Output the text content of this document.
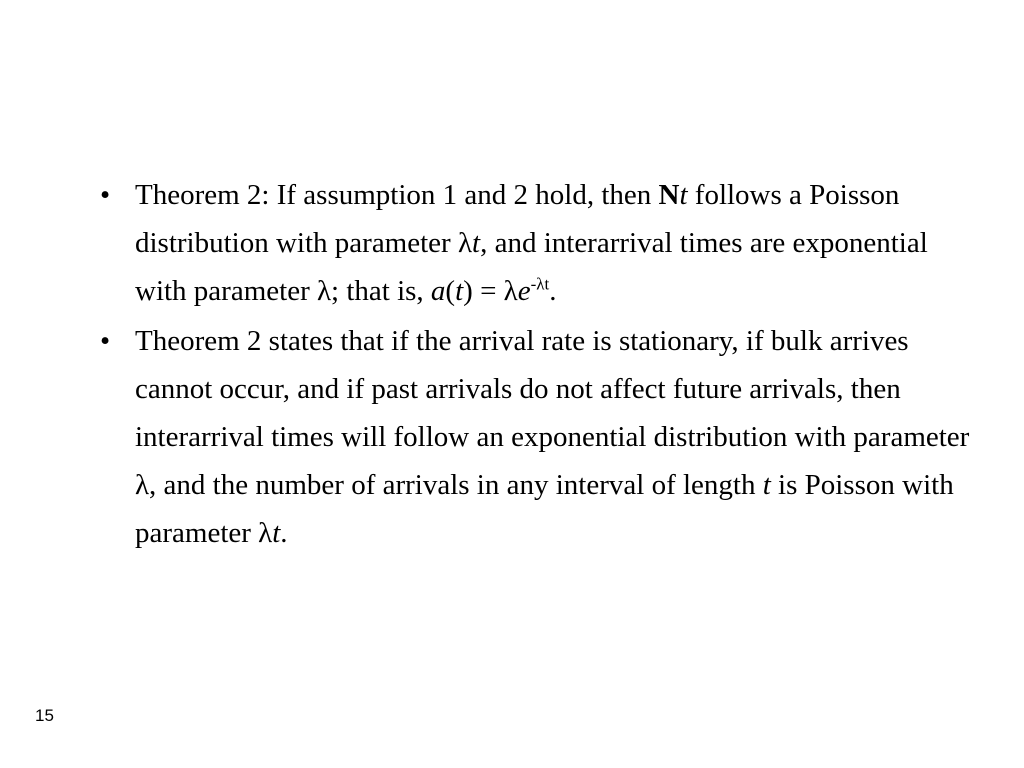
• Theorem 2: If assumption 1 and 2 hold, then Nt follows a Poisson distribution with parameter λt, and interarrival times are exponential with parameter λ; that is, $a(t) = \lambda e^{-\lambda t}$.
• Theorem 2 states that if the arrival rate is stationary, if bulk arrives cannot occur, and if past arrivals do not affect future arrivals, then interarrival times will follow an exponential distribution with parameter λ, and the number of arrivals in any interval of length t is Poisson with parameter λt.
15
